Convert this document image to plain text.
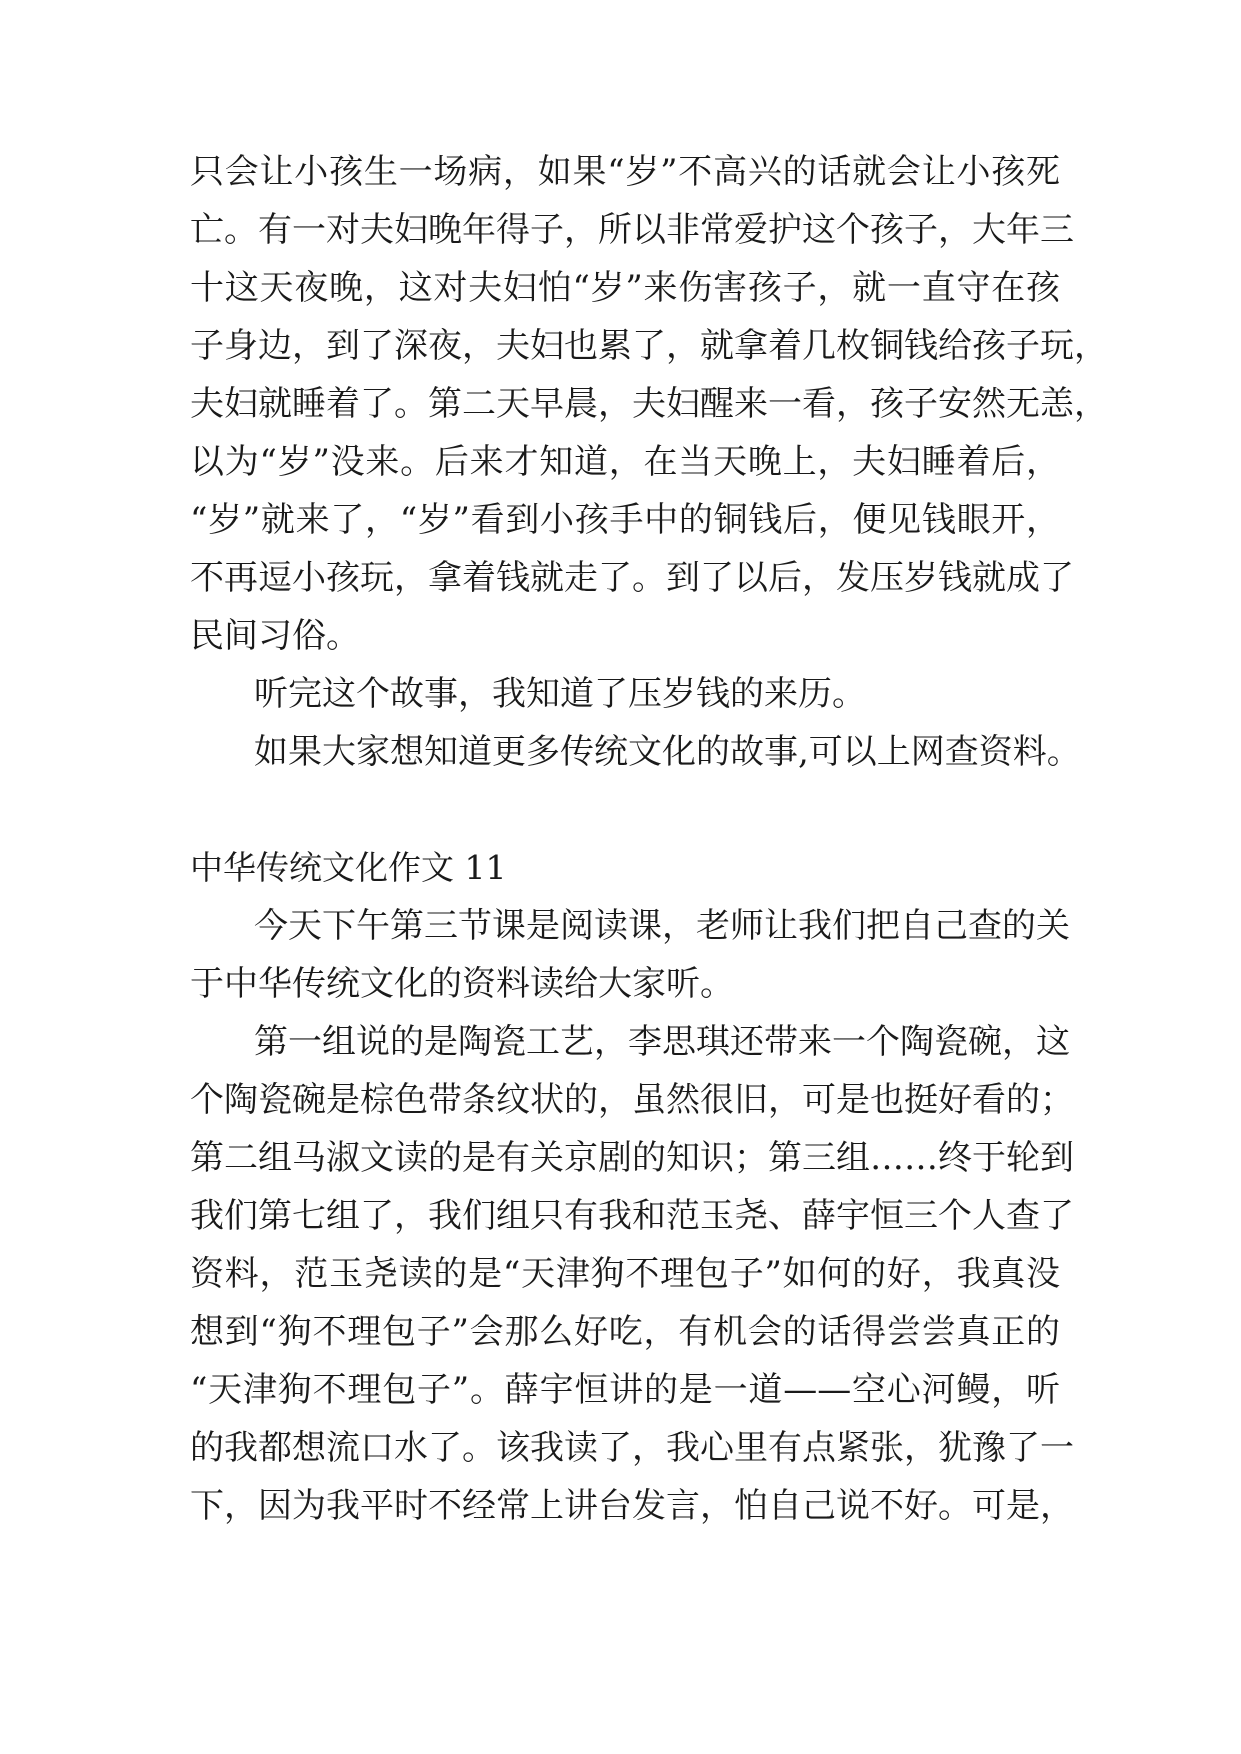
只会让小孩生一场病，如果“岁”不高兴的话就会让小孩死
亡。有一对夫妇晚年得子，所以非常爱护这个孩子，大年三
十这天夜晚，这对夫妇怕“岁”来伤害孩子，就一直守在孩
子身边，到了深夜，夫妇也累了，就拿着几枚铜钱给孩子玩，
夫妇就睡着了。第二天早晨，夫妇醒来一看，孩子安然无恙，
以为“岁”没来。后来才知道，在当天晚上，夫妇睡着后，
“岁”就来了，“岁”看到小孩手中的铜钱后，便见钱眼开，
不再逗小孩玩，拿着钱就走了。到了以后，发压岁钱就成了
民间习俗。
听完这个故事，我知道了压岁钱的来历。
如果大家想知道更多传统文化的故事,可以上网查资料。
中华传统文化作文 11
今天下午第三节课是阅读课，老师让我们把自己查的关
于中华传统文化的资料读给大家听。
第一组说的是陶瓷工艺，李思琪还带来一个陶瓷碗，这
个陶瓷碗是棕色带条纹状的，虽然很旧，可是也挺好看的；
第二组马淑文读的是有关京剧的知识；第三组……终于轮到
我们第七组了，我们组只有我和范玉尧、薛宇恒三个人查了
资料，范玉尧读的是“天津狗不理包子”如何的好，我真没
想到“狗不理包子”会那么好吃，有机会的话得尝尝真正的
“天津狗不理包子”。薛宇恒讲的是一道——空心河鳗，听
的我都想流口水了。该我读了，我心里有点紧张，犹豫了一
下，因为我平时不经常上讲台发言，怕自己说不好。可是，
